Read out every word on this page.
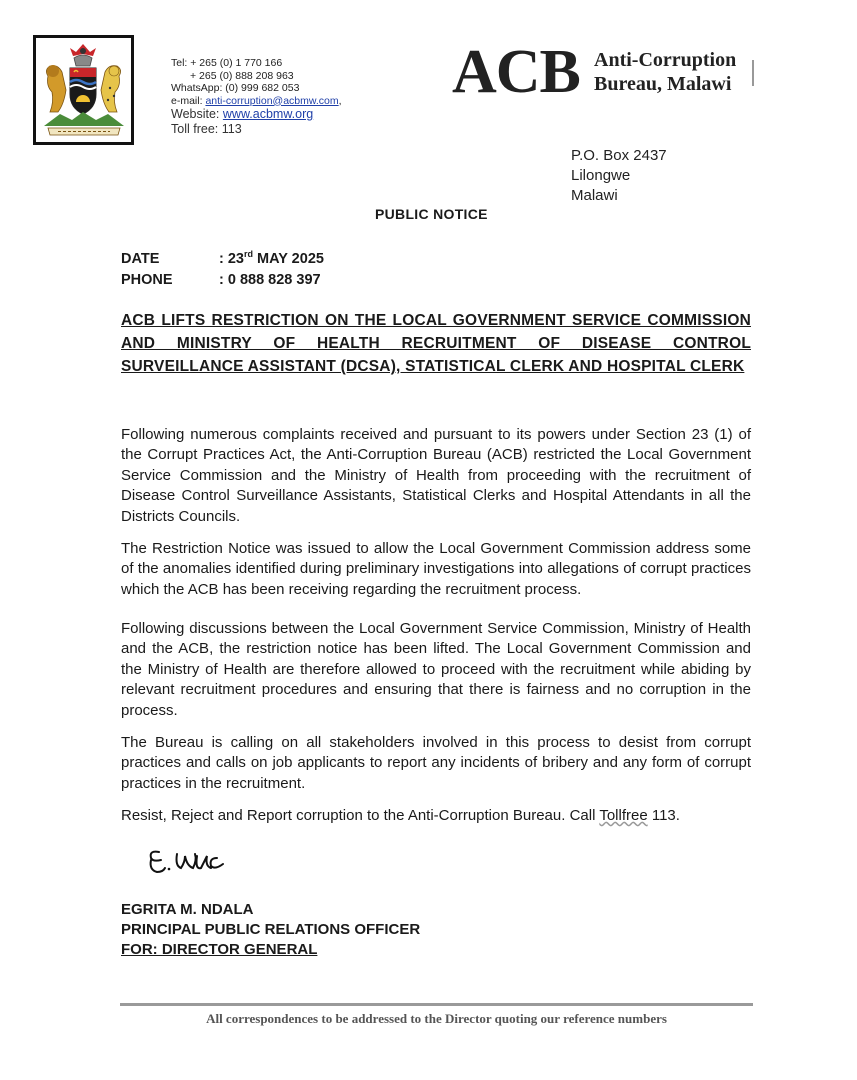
Tel: + 265 (0) 1 770 166
+ 265 (0) 888 208 963
WhatsApp: (0) 999 682 053
e-mail: anti-corruption@acbmw.com,
Website: www.acbmw.org
Toll free: 113
ACB Anti-Corruption
Bureau, Malawi
P.O. Box 2437
Lilongwe
Malawi
PUBLIC NOTICE
DATE	: 23rd MAY 2025
PHONE	: 0 888 828 397
ACB LIFTS RESTRICTION ON THE LOCAL GOVERNMENT SERVICE COMMISSION AND MINISTRY OF HEALTH RECRUITMENT OF DISEASE CONTROL SURVEILLANCE ASSISTANT (DCSA), STATISTICAL CLERK AND HOSPITAL CLERK
Following numerous complaints received and pursuant to its powers under Section 23 (1) of the Corrupt Practices Act, the Anti-Corruption Bureau (ACB) restricted the Local Government Service Commission and the Ministry of Health from proceeding with the recruitment of Disease Control Surveillance Assistants, Statistical Clerks and Hospital Attendants in all the Districts Councils.
The Restriction Notice was issued to allow the Local Government Commission address some of the anomalies identified during preliminary investigations into allegations of corrupt practices which the ACB has been receiving regarding the recruitment process.
Following discussions between the Local Government Service Commission, Ministry of Health and the ACB, the restriction notice has been lifted. The Local Government Commission and the Ministry of Health are therefore allowed to proceed with the recruitment while abiding by relevant recruitment procedures and ensuring that there is fairness and no corruption in the process.
The Bureau is calling on all stakeholders involved in this process to desist from corrupt practices and calls on job applicants to report any incidents of bribery and any form of corrupt practices in the recruitment.
Resist, Reject and Report corruption to the Anti-Corruption Bureau. Call Tollfree 113.
EGRITA M. NDALA
PRINCIPAL PUBLIC RELATIONS OFFICER
FOR: DIRECTOR GENERAL
All correspondences to be addressed to the Director quoting our reference numbers
